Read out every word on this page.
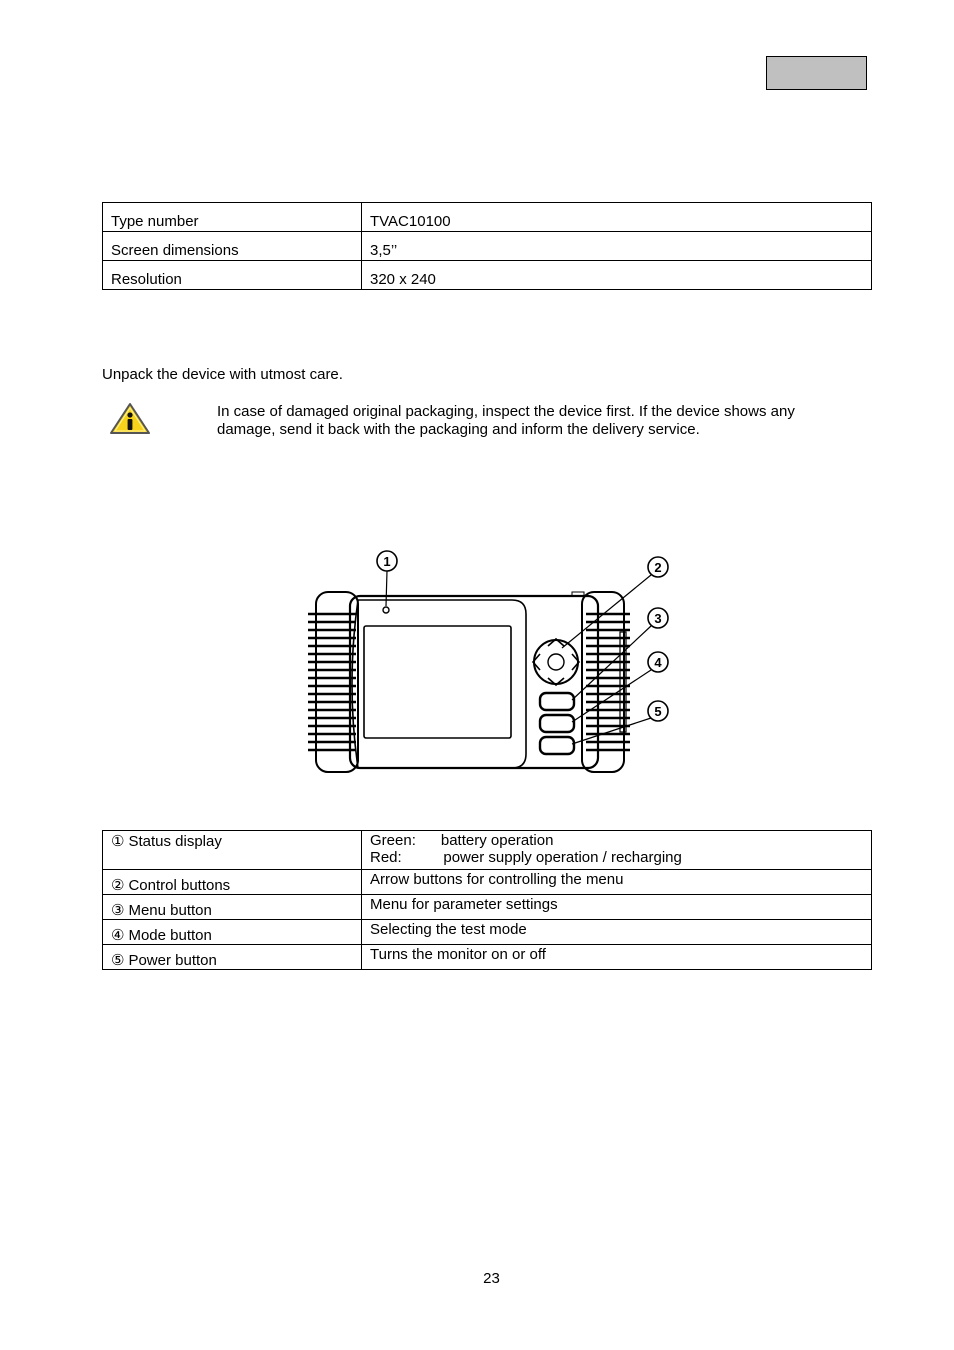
Type number	TVAC10100
Screen dimensions	3,5’’
Resolution	320 x 240
Unpack the device with utmost care.
In case of damaged original packaging, inspect the device first. If the device shows any
damage, send it back with the packaging and inform the delivery service.
1	2
3
4
5
① Status display	Green:      battery operation
Red:          power supply operation / recharging

② Control buttons	Arrow buttons for controlling the menu
③ Menu button	Menu for parameter settings
④ Mode button	Selecting the test mode
⑤ Power button	Turns the monitor on or off
23
